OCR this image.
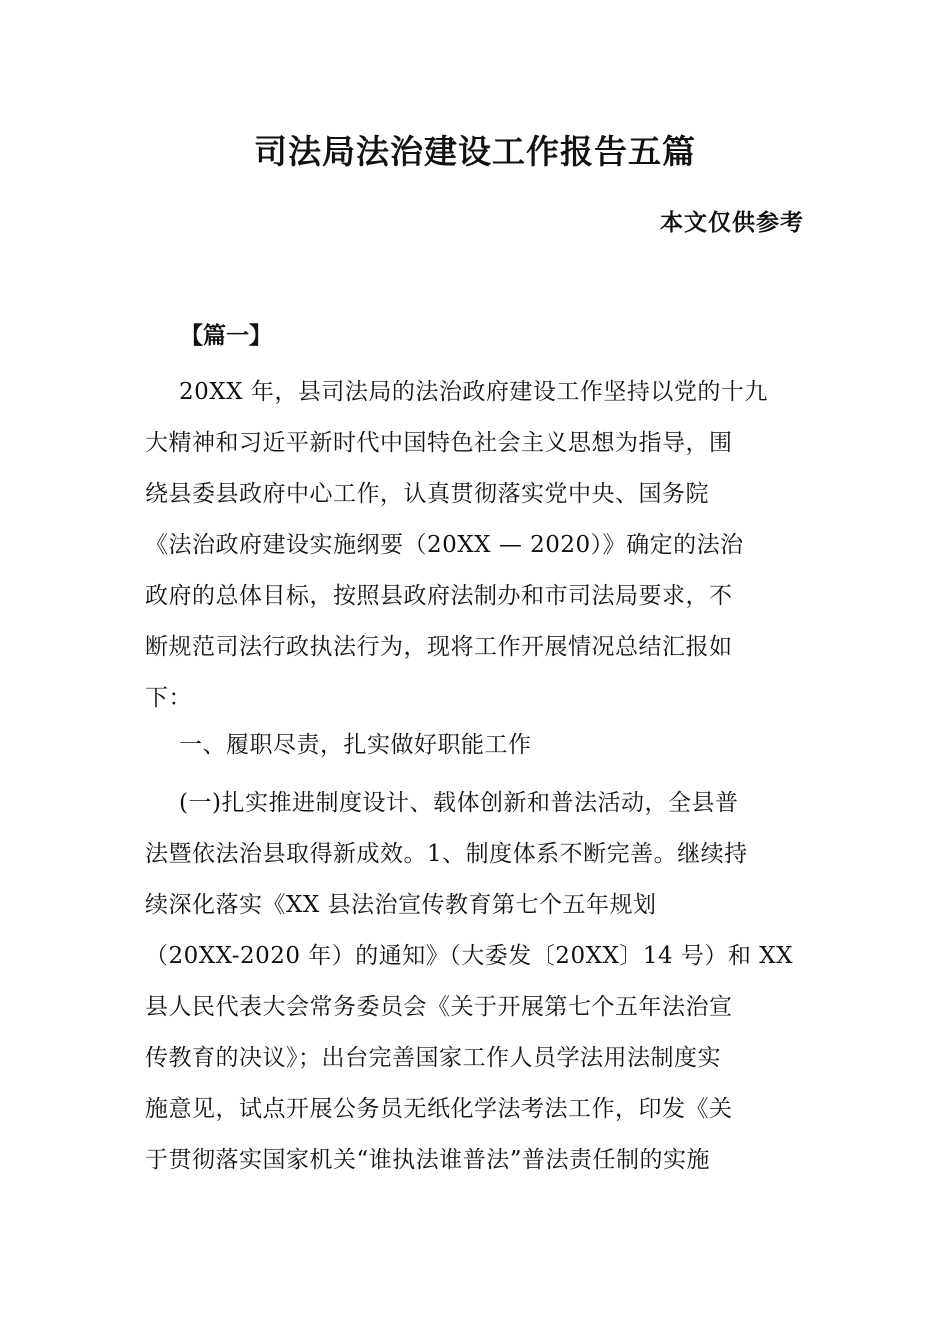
司法局法治建设工作报告五篇
本文仅供参考
【篇一】
20XX 年，县司法局的法治政府建设工作坚持以党的十九
大精神和习近平新时代中国特色社会主义思想为指导，围
绕县委县政府中心工作，认真贯彻落实党中央、国务院
《法治政府建设实施纲要（20XX — 2020）》确定的法治
政府的总体目标，按照县政府法制办和市司法局要求，不
断规范司法行政执法行为，现将工作开展情况总结汇报如
下：
一、履职尽责，扎实做好职能工作
(一)扎实推进制度设计、载体创新和普法活动，全县普
法暨依法治县取得新成效。1、制度体系不断完善。继续持
续深化落实《XX 县法治宣传教育第七个五年规划
（20XX-2020 年）的通知》（大委发〔20XX〕14 号）和 XX
县人民代表大会常务委员会《关于开展第七个五年法治宣
传教育的决议》；出台完善国家工作人员学法用法制度实
施意见，试点开展公务员无纸化学法考法工作，印发《关
于贯彻落实国家机关“谁执法谁普法”普法责任制的实施
